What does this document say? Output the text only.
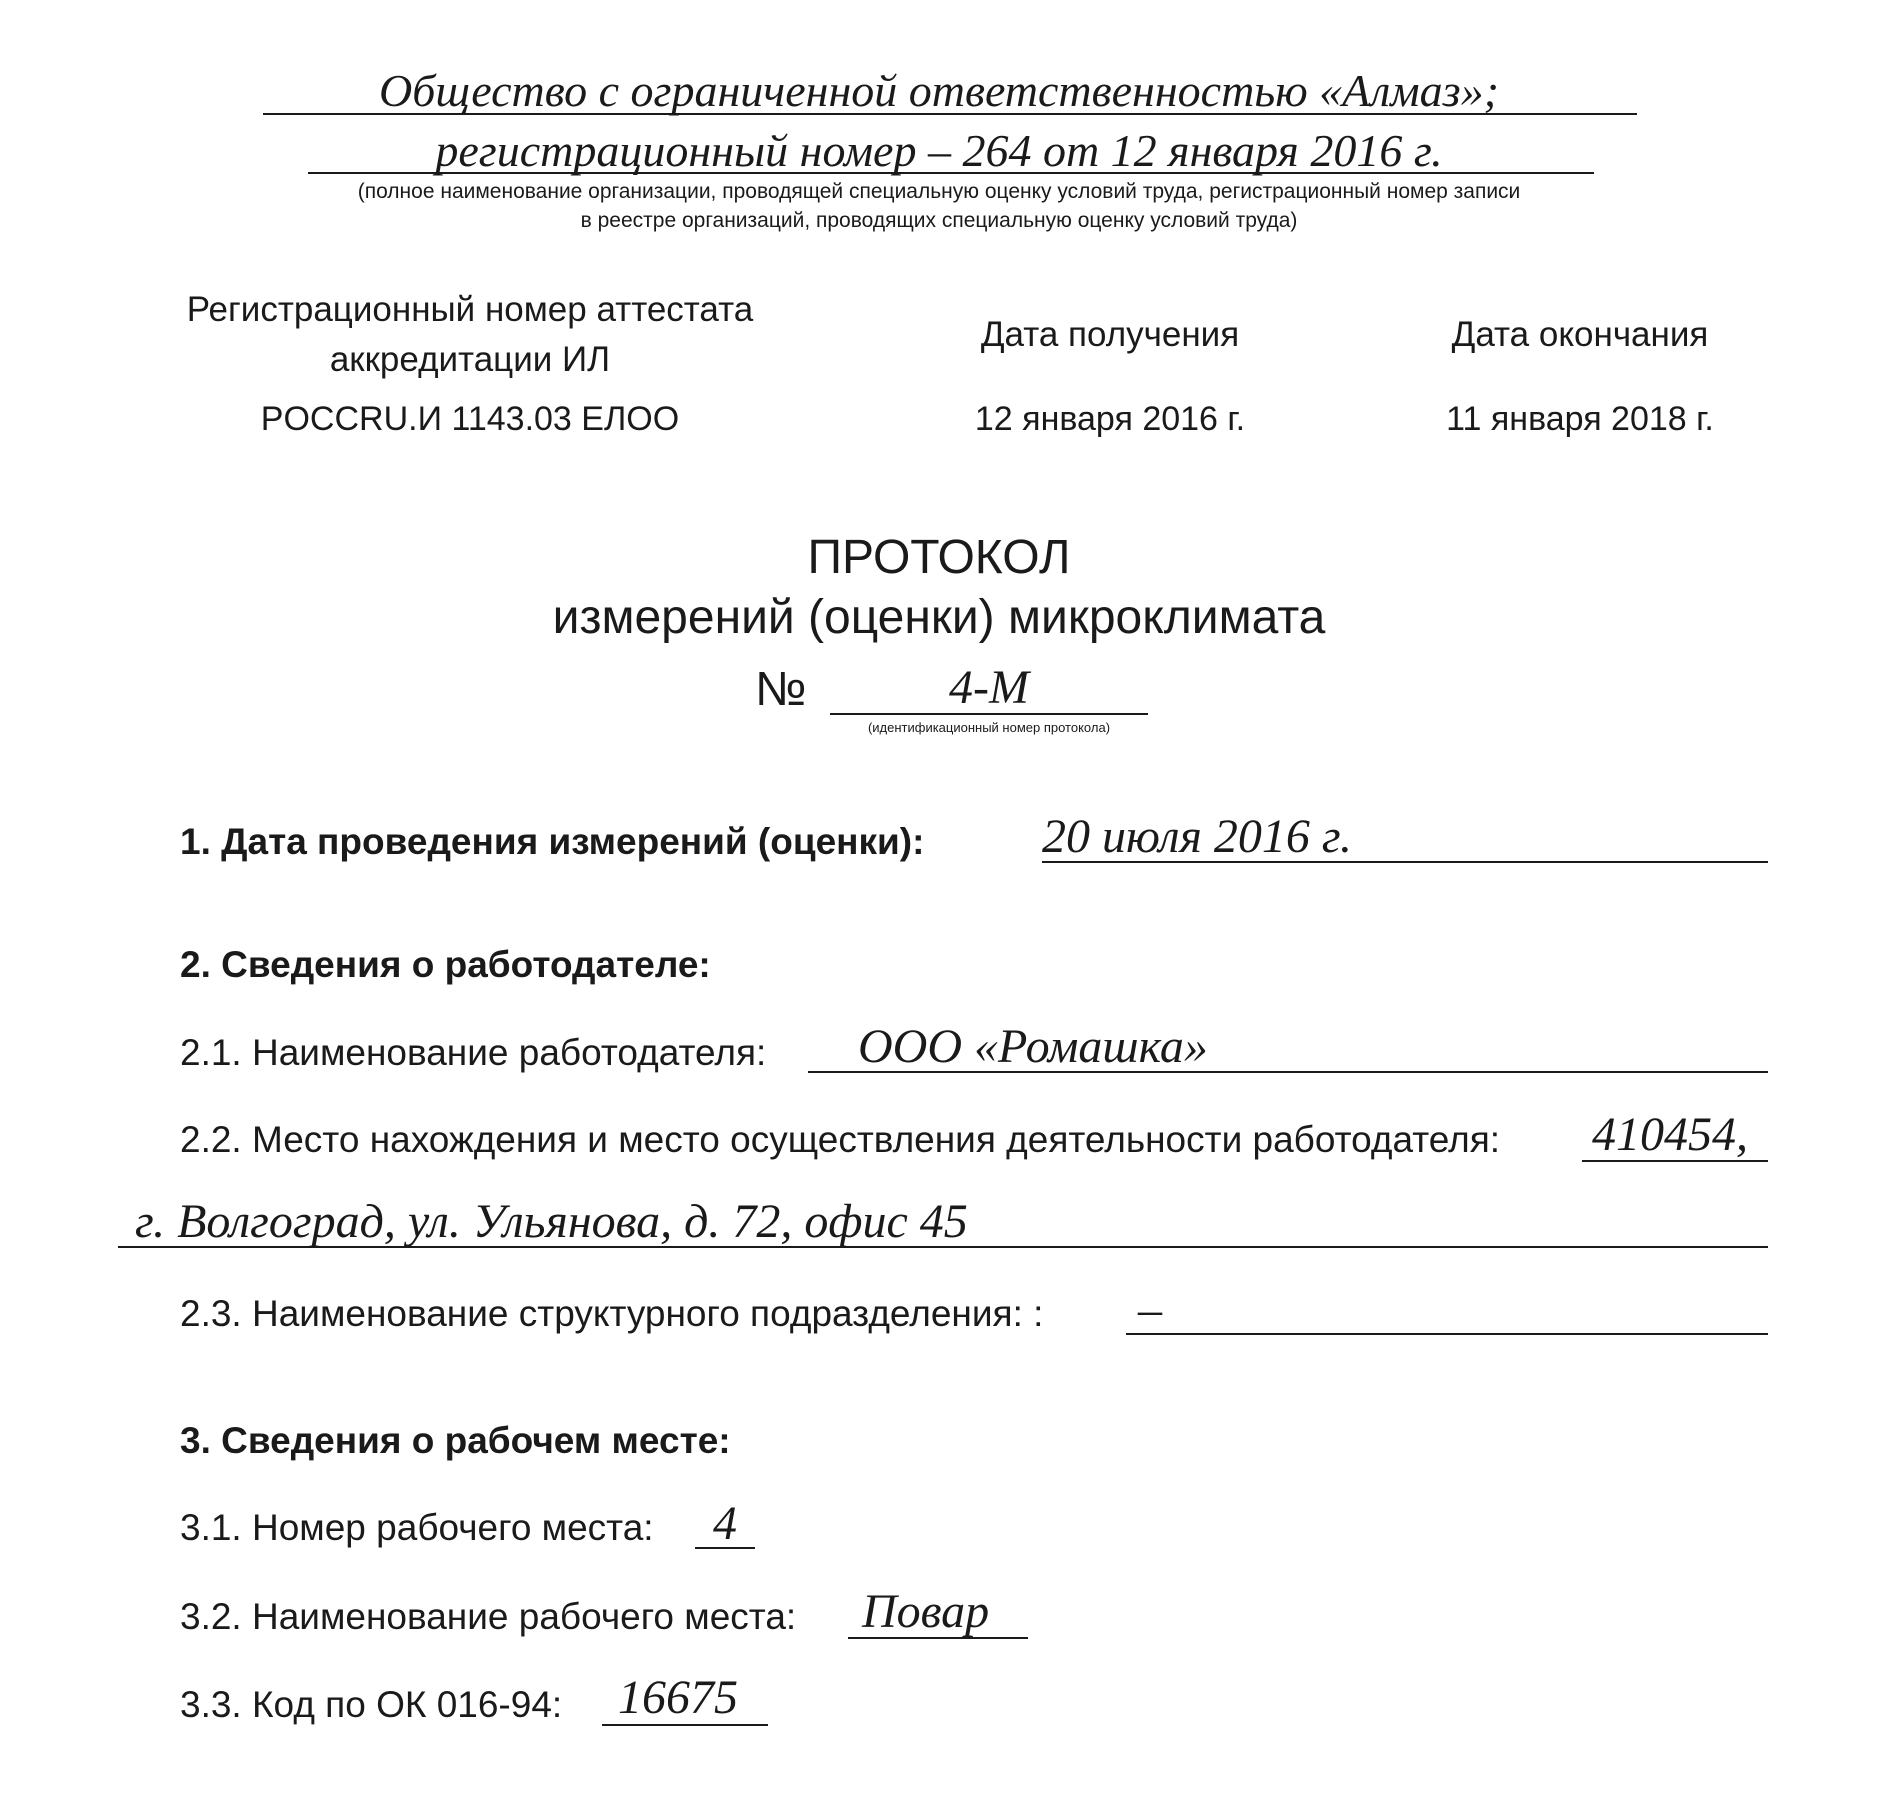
Общество с ограниченной ответственностью «Алмаз»;
регистрационный номер – 264 от 12 января 2016 г.
(полное наименование организации, проводящей специальную оценку условий труда, регистрационный номер записи
в реестре организаций, проводящих специальную оценку условий труда)
Регистрационный номер аттестата
аккредитации ИЛ
POCCRU.И 1143.03 ЕЛОО
Дата получения
12 января 2016 г.
Дата окончания
11 января 2018 г.
ПРОТОКОЛ
измерений (оценки) микроклимата
№	4-М
(идентификационный номер протокола)
1. Дата проведения измерений (оценки): 20 июля 2016 г.
2. Сведения о работодателе:
2.1. Наименование работодателя: ООО «Ромашка»
2.2. Место нахождения и место осуществления деятельности работодателя: 410454,
г. Волгоград, ул. Ульянова, д. 72, офис 45
2.3. Наименование структурного подразделения: : –
3. Сведения о рабочем месте:
3.1. Номер рабочего места:	4
3.2. Наименование рабочего места: Повар
3.3. Код по ОК 016-94: 16675
